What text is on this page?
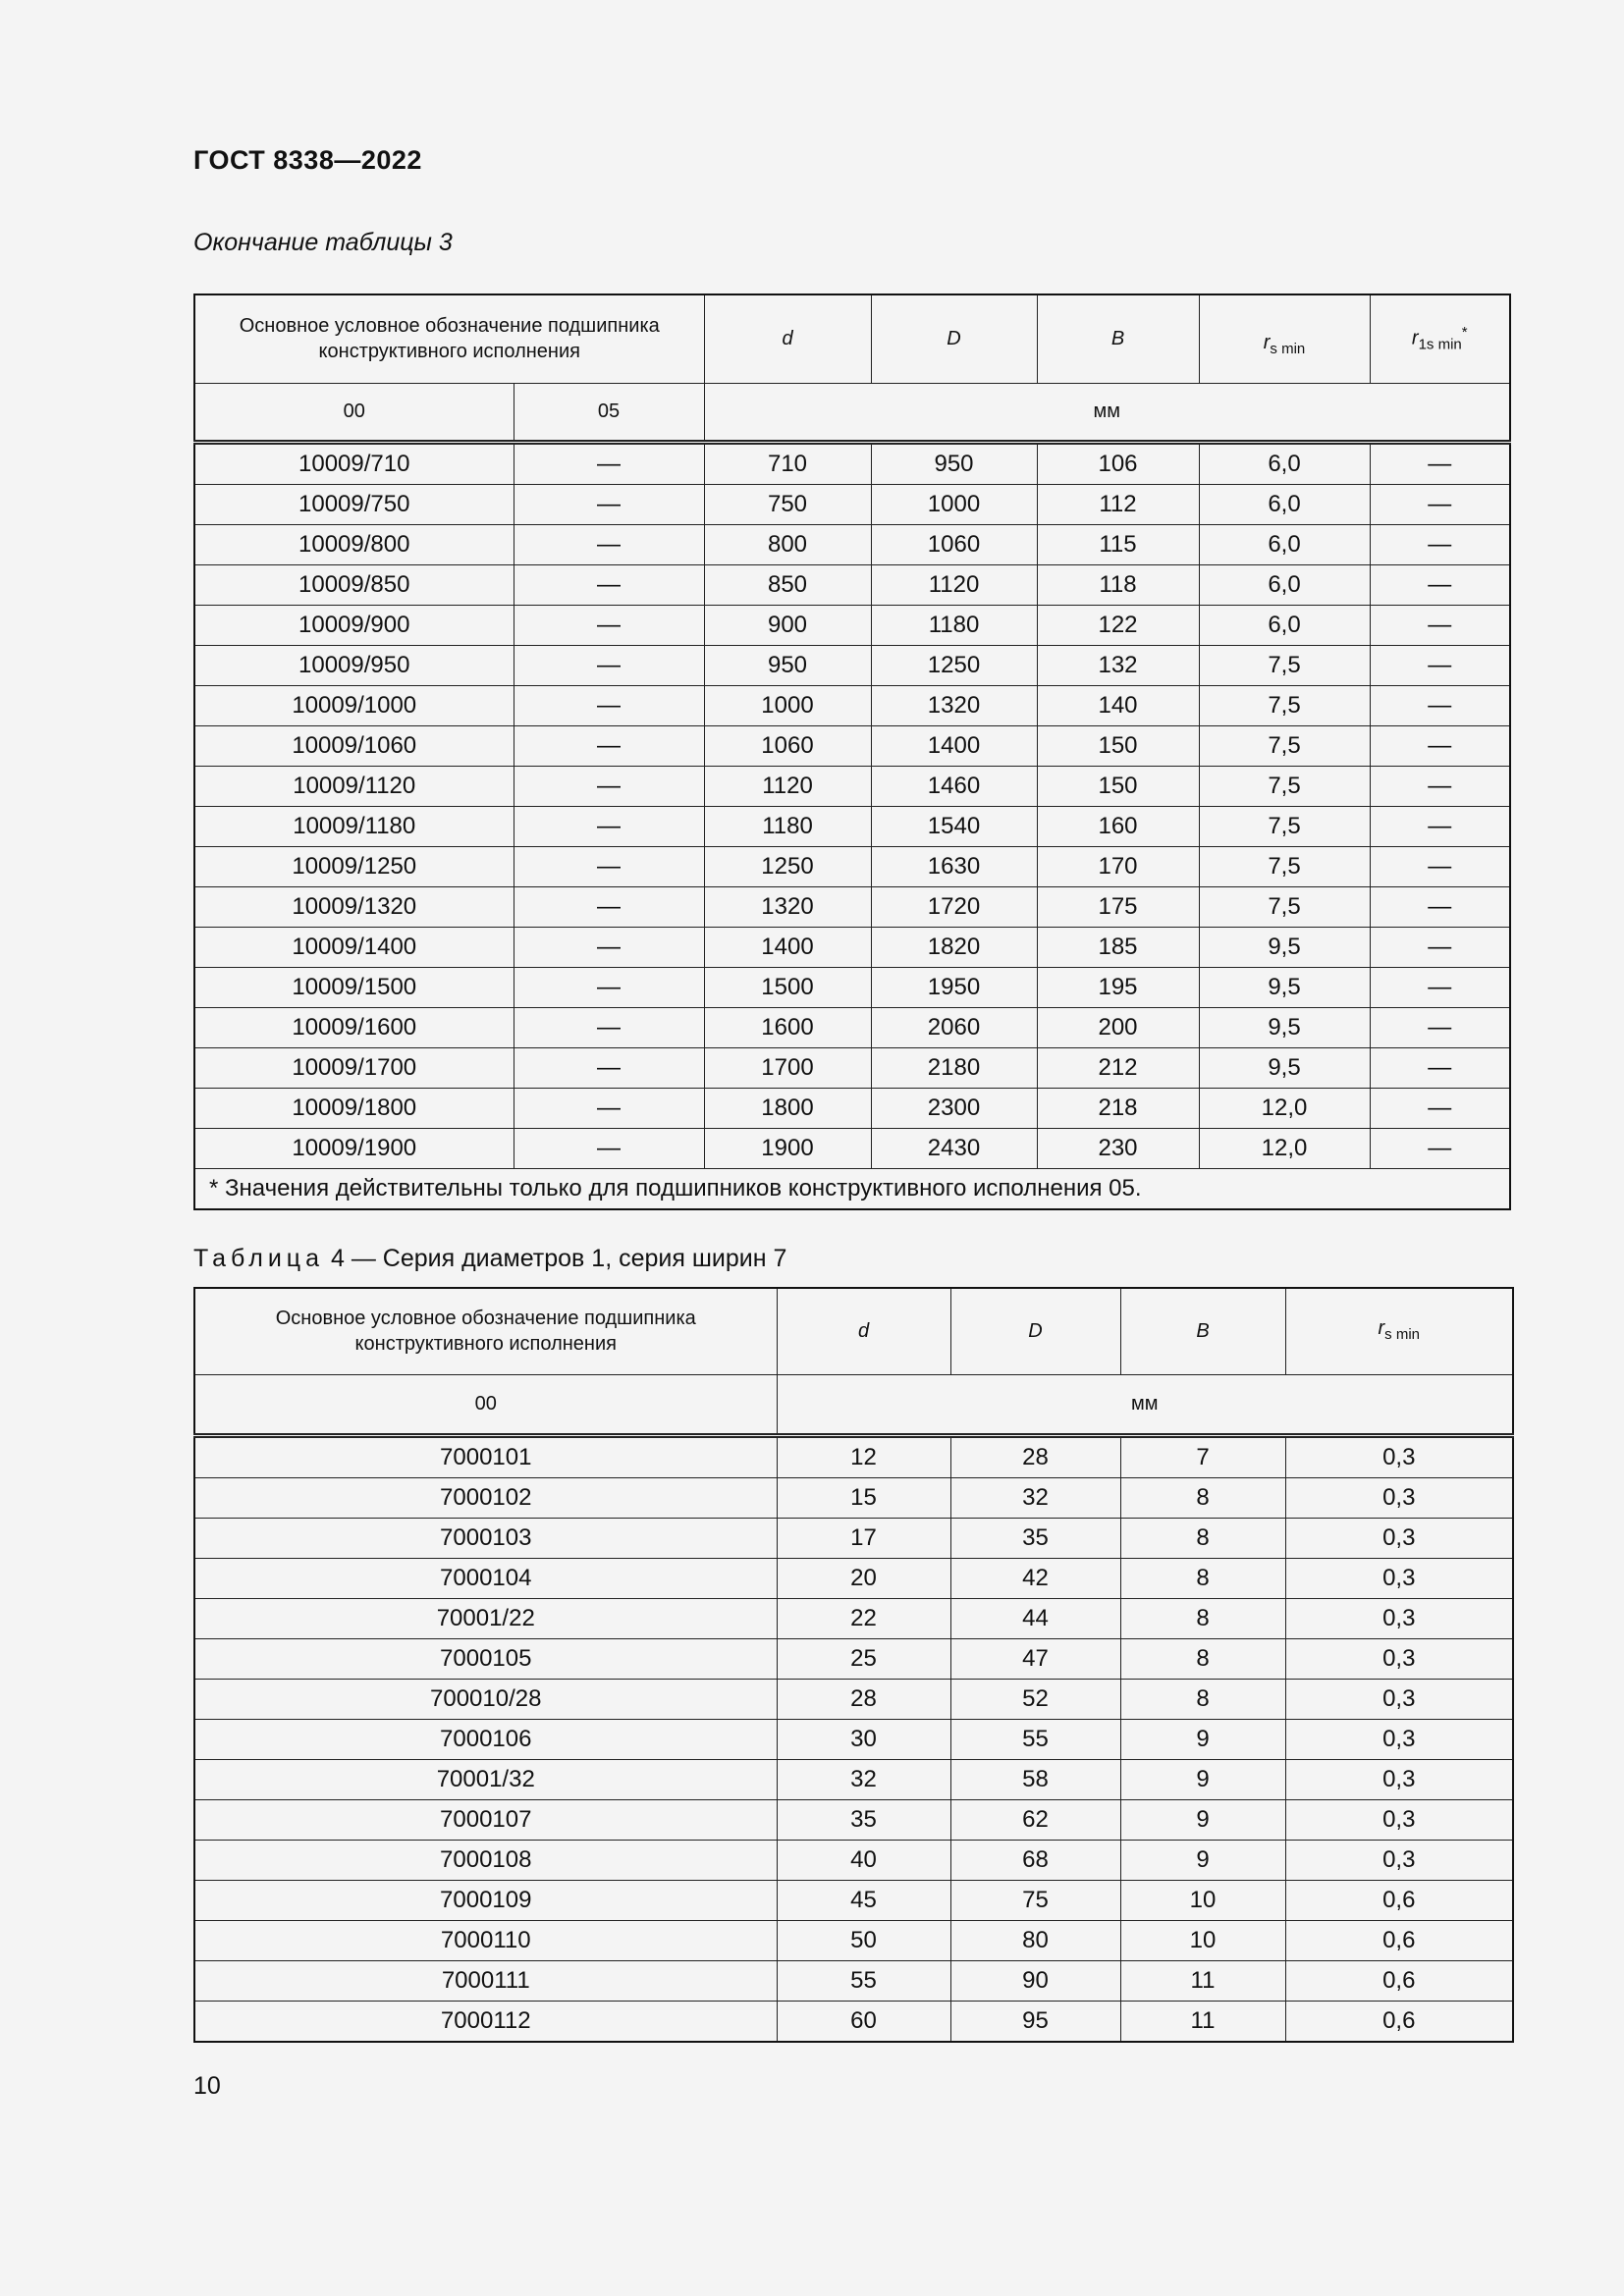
ГОСТ 8338—2022
Окончание таблицы 3
Основное условное обозначение подшипника конструктивного исполнения		d	D	B	$r_{s min}$	$r_{1s min}^*$
00	05	мм				
10009/710	—	710	950	106	6,0	—
10009/750	—	750	1000	112	6,0	—
10009/800	—	800	1060	115	6,0	—
10009/850	—	850	1120	118	6,0	—
10009/900	—	900	1180	122	6,0	—
10009/950	—	950	1250	132	7,5	—
10009/1000	—	1000	1320	140	7,5	—
10009/1060	—	1060	1400	150	7,5	—
10009/1120	—	1120	1460	150	7,5	—
10009/1180	—	1180	1540	160	7,5	—
10009/1250	—	1250	1630	170	7,5	—
10009/1320	—	1320	1720	175	7,5	—
10009/1400	—	1400	1820	185	9,5	—
10009/1500	—	1500	1950	195	9,5	—
10009/1600	—	1600	2060	200	9,5	—
10009/1700	—	1700	2180	212	9,5	—
10009/1800	—	1800	2300	218	12,0	—
10009/1900	—	1900	2430	230	12,0	—
* Значения действительны только для подшипников конструктивного исполнения 05.						
Таблица 4 — Серия диаметров 1, серия ширин 7
Основное условное обозначение подшипника конструктивного исполнения	d	D	B	$r_{s min}$
00	мм			
7000101	12	28	7	0,3
7000102	15	32	8	0,3
7000103	17	35	8	0,3
7000104	20	42	8	0,3
70001/22	22	44	8	0,3
7000105	25	47	8	0,3
700010/28	28	52	8	0,3
7000106	30	55	9	0,3
70001/32	32	58	9	0,3
7000107	35	62	9	0,3
7000108	40	68	9	0,3
7000109	45	75	10	0,6
7000110	50	80	10	0,6
7000111	55	90	11	0,6
7000112	60	95	11	0,6
10
